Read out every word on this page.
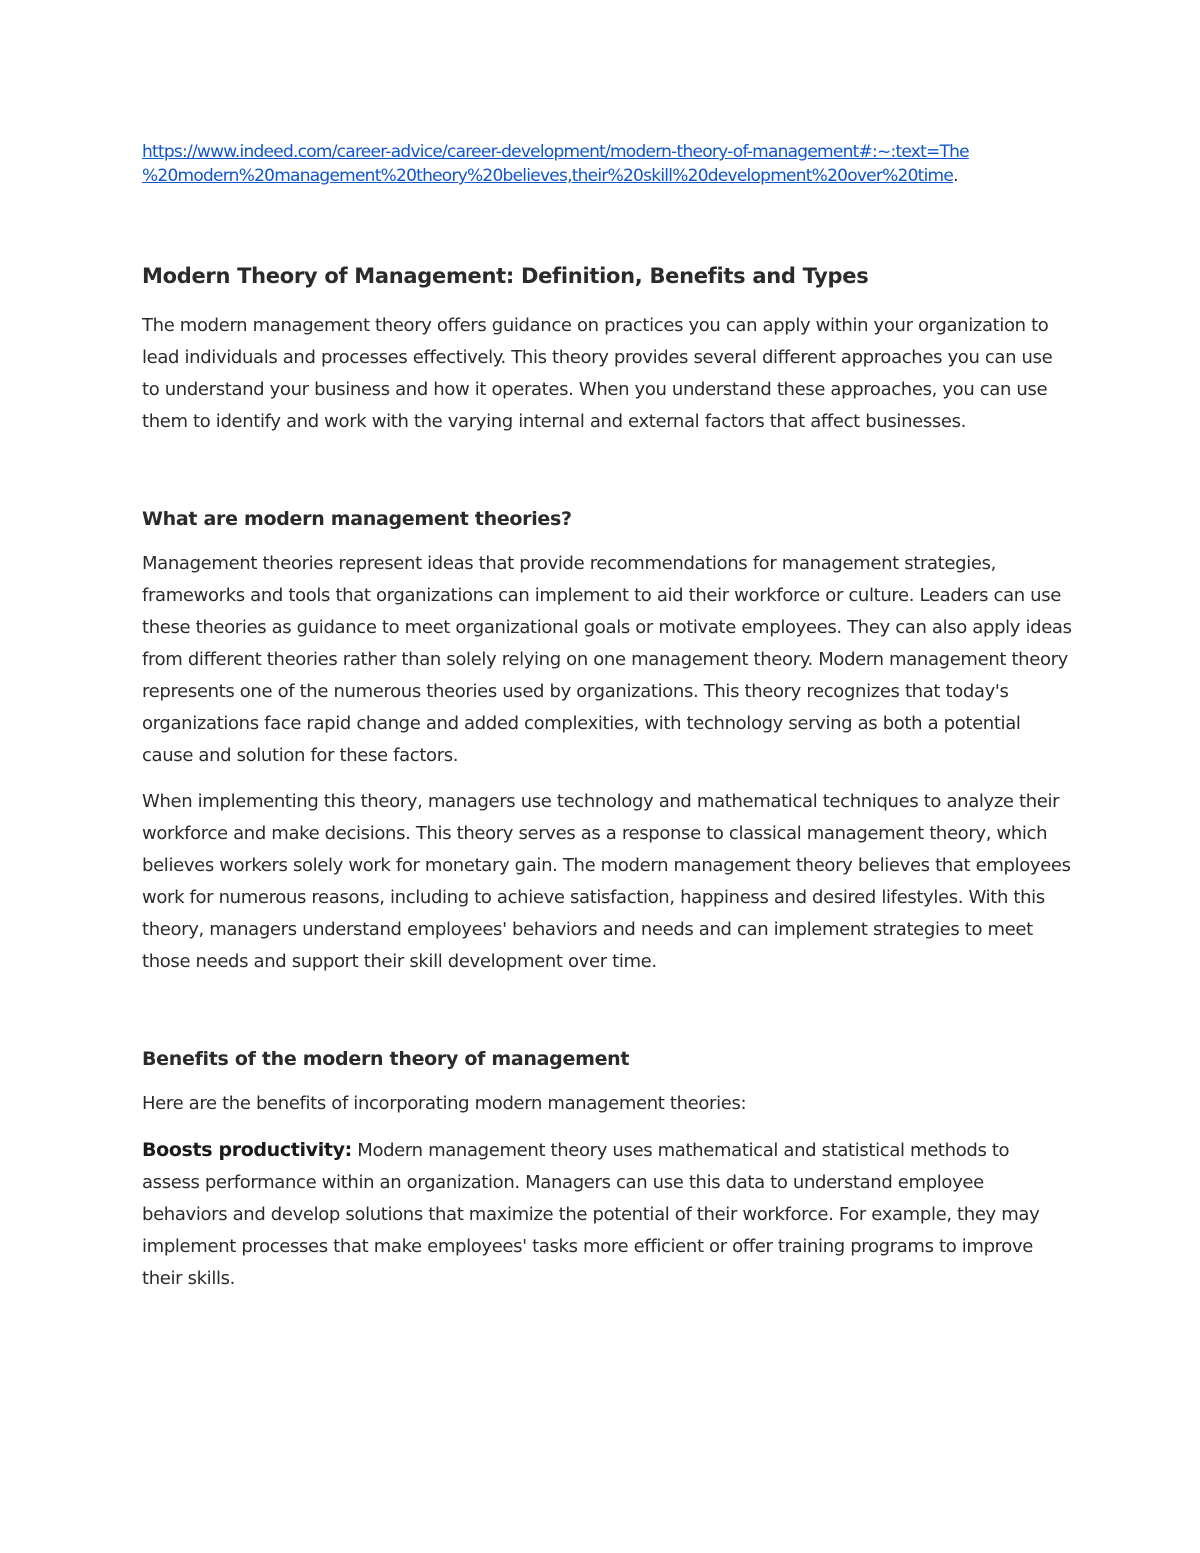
https://www.indeed.com/career-advice/career-development/modern-theory-of-management#:~:text=The
%20modern%20management%20theory%20believes,their%20skill%20development%20over%20time.

Modern Theory of Management: Definition, Benefits and Types

The modern management theory offers guidance on practices you can apply within your organization to lead individuals and processes effectively. This theory provides several different approaches you can use to understand your business and how it operates. When you understand these approaches, you can use them to identify and work with the varying internal and external factors that affect businesses.

What are modern management theories?

Management theories represent ideas that provide recommendations for management strategies, frameworks and tools that organizations can implement to aid their workforce or culture. Leaders can use these theories as guidance to meet organizational goals or motivate employees. They can also apply ideas from different theories rather than solely relying on one management theory. Modern management theory represents one of the numerous theories used by organizations. This theory recognizes that today's organizations face rapid change and added complexities, with technology serving as both a potential cause and solution for these factors.

When implementing this theory, managers use technology and mathematical techniques to analyze their workforce and make decisions. This theory serves as a response to classical management theory, which believes workers solely work for monetary gain. The modern management theory believes that employees work for numerous reasons, including to achieve satisfaction, happiness and desired lifestyles. With this theory, managers understand employees' behaviors and needs and can implement strategies to meet those needs and support their skill development over time.

Benefits of the modern theory of management

Here are the benefits of incorporating modern management theories:

Boosts productivity: Modern management theory uses mathematical and statistical methods to assess performance within an organization. Managers can use this data to understand employee behaviors and develop solutions that maximize the potential of their workforce. For example, they may implement processes that make employees' tasks more efficient or offer training programs to improve their skills.
